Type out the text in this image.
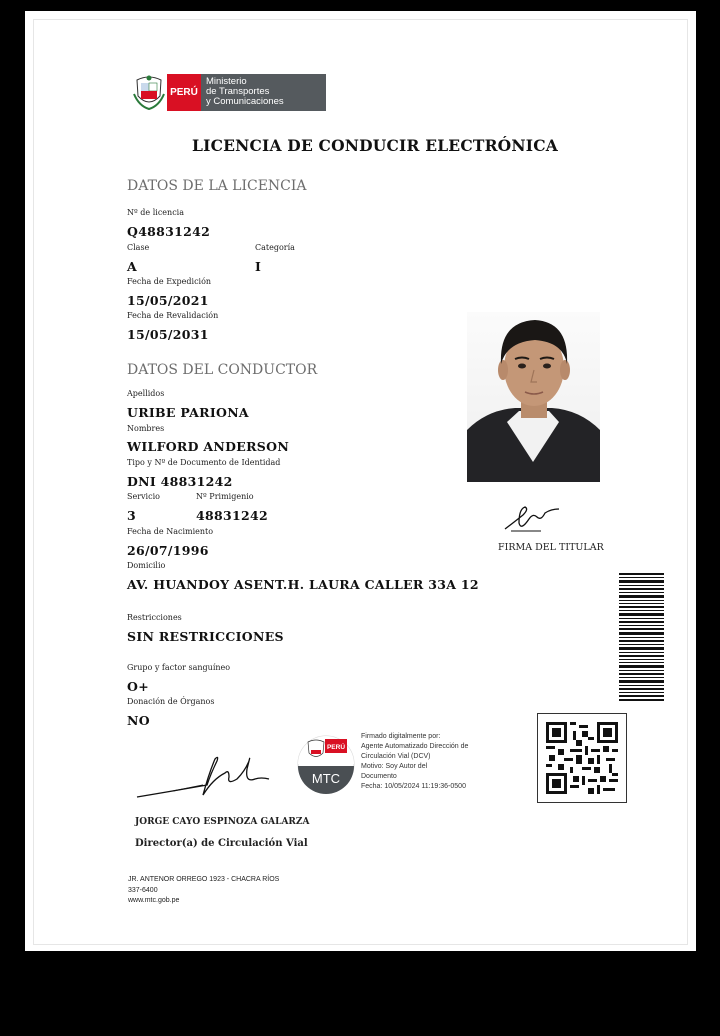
PERÚ
Ministerio
de Transportes
y Comunicaciones
LICENCIA DE CONDUCIR ELECTRÓNICA
DATOS DE LA LICENCIA
Nº de licencia
Q48831242
Clase
A
Categoría
I
Fecha de Expedición
15/05/2021
Fecha de Revalidación
15/05/2031
DATOS DEL CONDUCTOR
Apellidos
URIBE PARIONA
Nombres
WILFORD ANDERSON
Tipo y Nº de Documento de Identidad
DNI 48831242
Servicio
3
Nº Primigenio
48831242
Fecha de Nacimiento
26/07/1996
Domicilio
AV. HUANDOY ASENT.H. LAURA CALLER 33A 12
Restricciones
SIN RESTRICCIONES
Grupo y factor sanguíneo
O+
Donación de Órganos
NO
FIRMA DEL TITULAR
PERÚ
MTC
Firmado digitalmente por:
Agente Automatizado Dirección de
Circulación Vial (DCV)
Motivo: Soy Autor del
Documento
Fecha: 10/05/2024 11:19:36-0500
JORGE CAYO ESPINOZA GALARZA
Director(a) de Circulación Vial
JR. ANTENOR ORREGO 1923 - CHACRA RÍOS
337-6400
www.mtc.gob.pe
